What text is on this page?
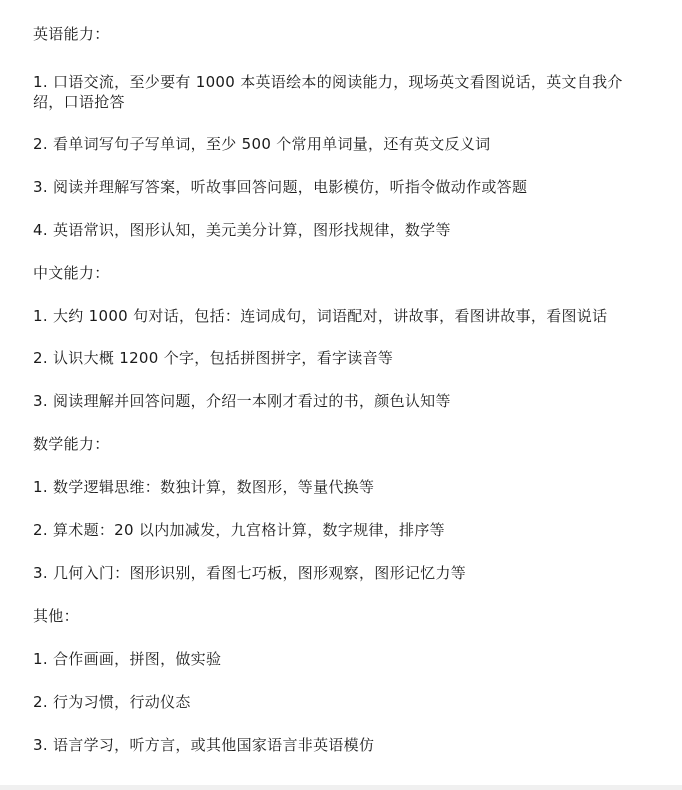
英语能力：

1. 口语交流，至少要有 1000 本英语绘本的阅读能力，现场英文看图说话，英文自我介绍，口语抢答

2. 看单词写句子写单词，至少 500 个常用单词量，还有英文反义词

3. 阅读并理解写答案，听故事回答问题，电影模仿，听指令做动作或答题

4. 英语常识，图形认知，美元美分计算，图形找规律，数学等

中文能力：

1. 大约 1000 句对话，包括：连词成句，词语配对，讲故事，看图讲故事，看图说话

2. 认识大概 1200 个字，包括拼图拼字，看字读音等

3. 阅读理解并回答问题，介绍一本刚才看过的书，颜色认知等

数学能力：

1. 数学逻辑思维：数独计算，数图形，等量代换等

2. 算术题：20 以内加减发，九宫格计算，数字规律，排序等

3. 几何入门：图形识别，看图七巧板，图形观察，图形记忆力等

其他：

1. 合作画画，拼图，做实验

2. 行为习惯，行动仪态

3. 语言学习，听方言，或其他国家语言非英语模仿
